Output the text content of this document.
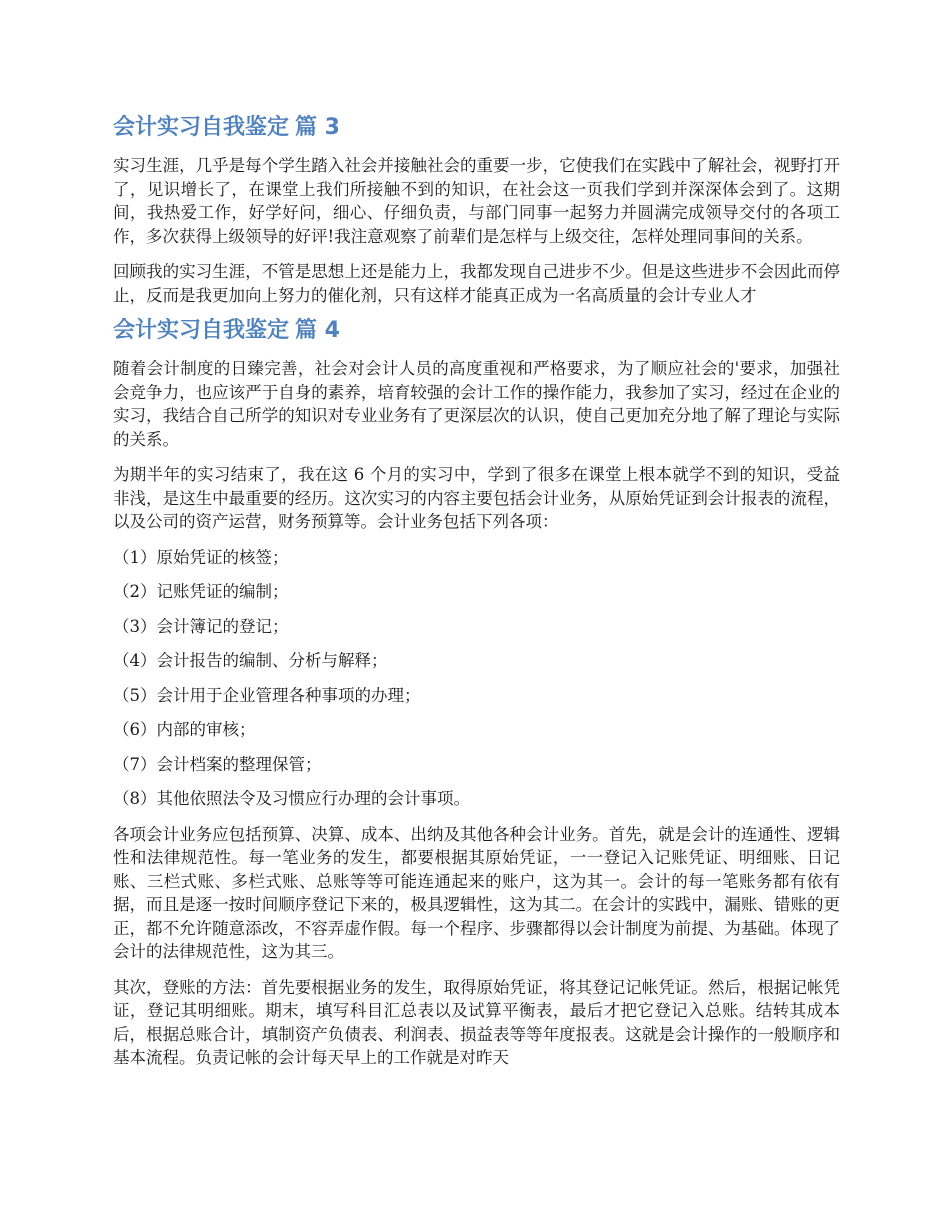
会计实习自我鉴定 篇 3

实习生涯，几乎是每个学生踏入社会并接触社会的重要一步，它使我们在实践中了解社会，视野打开了，见识增长了，在课堂上我们所接触不到的知识，在社会这一页我们学到并深深体会到了。这期间，我热爱工作，好学好问，细心、仔细负责，与部门同事一起努力并圆满完成领导交付的各项工作，多次获得上级领导的好评!我注意观察了前辈们是怎样与上级交往，怎样处理同事间的关系。

回顾我的实习生涯，不管是思想上还是能力上，我都发现自己进步不少。但是这些进步不会因此而停止，反而是我更加向上努力的催化剂，只有这样才能真正成为一名高质量的会计专业人才

会计实习自我鉴定 篇 4

随着会计制度的日臻完善，社会对会计人员的高度重视和严格要求，为了顺应社会的'要求，加强社会竞争力，也应该严于自身的素养，培育较强的会计工作的操作能力，我参加了实习，经过在企业的实习，我结合自己所学的知识对专业业务有了更深层次的认识，使自己更加充分地了解了理论与实际的关系。

为期半年的实习结束了，我在这 6 个月的实习中，学到了很多在课堂上根本就学不到的知识，受益非浅，是这生中最重要的经历。这次实习的内容主要包括会计业务，从原始凭证到会计报表的流程，以及公司的资产运营，财务预算等。会计业务包括下列各项：

（1）原始凭证的核签；
（2）记账凭证的编制；
（3）会计簿记的登记；
（4）会计报告的编制、分析与解释；
（5）会计用于企业管理各种事项的办理；
（6）内部的审核；
（7）会计档案的整理保管；
（8）其他依照法令及习惯应行办理的会计事项。

各项会计业务应包括预算、决算、成本、出纳及其他各种会计业务。首先，就是会计的连通性、逻辑性和法律规范性。每一笔业务的发生，都要根据其原始凭证，一一登记入记账凭证、明细账、日记账、三栏式账、多栏式账、总账等等可能连通起来的账户，这为其一。会计的每一笔账务都有依有据，而且是逐一按时间顺序登记下来的，极具逻辑性，这为其二。在会计的实践中，漏账、错账的更正，都不允许随意添改，不容弄虚作假。每一个程序、步骤都得以会计制度为前提、为基础。体现了会计的法律规范性，这为其三。

其次，登账的方法：首先要根据业务的发生，取得原始凭证，将其登记记帐凭证。然后，根据记帐凭证，登记其明细账。期末，填写科目汇总表以及试算平衡表，最后才把它登记入总账。结转其成本后，根据总账合计，填制资产负债表、利润表、损益表等等年度报表。这就是会计操作的一般顺序和基本流程。负责记帐的会计每天早上的工作就是对昨天
